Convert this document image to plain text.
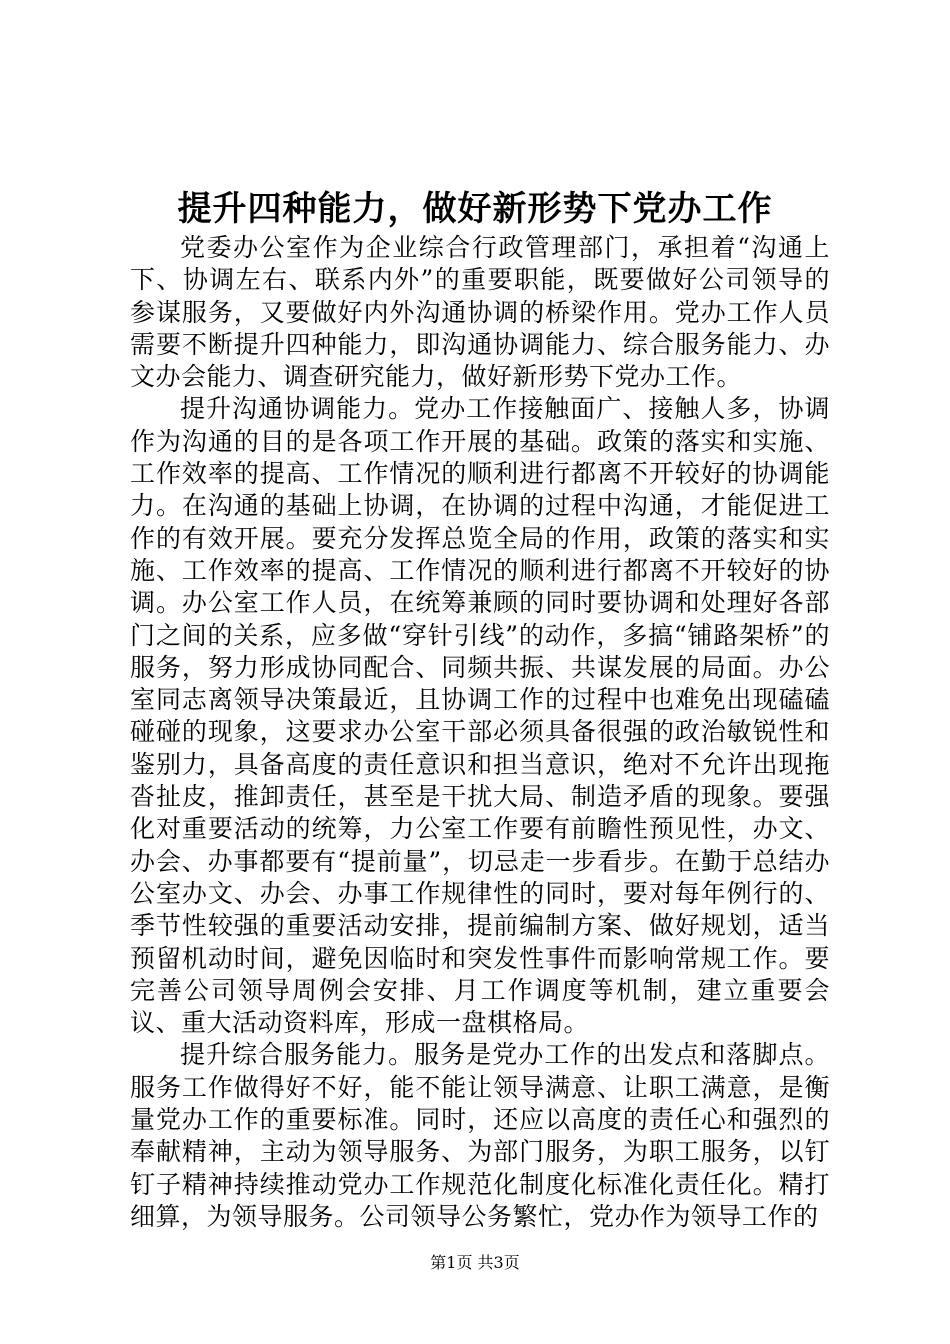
提升四种能力，做好新形势下党办工作

党委办公室作为企业综合行政管理部门，承担着“沟通上下、协调左右、联系内外”的重要职能，既要做好公司领导的参谋服务，又要做好内外沟通协调的桥梁作用。党办工作人员需要不断提升四种能力，即沟通协调能力、综合服务能力、办文办会能力、调查研究能力，做好新形势下党办工作。

提升沟通协调能力。党办工作接触面广、接触人多，协调作为沟通的目的是各项工作开展的基础。政策的落实和实施、工作效率的提高、工作情况的顺利进行都离不开较好的协调能力。在沟通的基础上协调，在协调的过程中沟通，才能促进工作的有效开展。要充分发挥总览全局的作用，政策的落实和实施、工作效率的提高、工作情况的顺利进行都离不开较好的协调。办公室工作人员，在统筹兼顾的同时要协调和处理好各部门之间的关系，应多做“穿针引线”的动作，多搞“铺路架桥”的服务，努力形成协同配合、同频共振、共谋发展的局面。办公室同志离领导决策最近，且协调工作的过程中也难免出现磕磕碰碰的现象，这要求办公室干部必须具备很强的政治敏锐性和鉴别力，具备高度的责任意识和担当意识，绝对不允许出现拖沓扯皮，推卸责任，甚至是干扰大局、制造矛盾的现象。要强化对重要活动的统筹，力公室工作要有前瞻性预见性，办文、办会、办事都要有“提前量”，切忌走一步看步。在勤于总结办公室办文、办会、办事工作规律性的同时，要对每年例行的、季节性较强的重要活动安排，提前编制方案、做好规划，适当预留机动时间，避免因临时和突发性事件而影响常规工作。要完善公司领导周例会安排、月工作调度等机制，建立重要会议、重大活动资料库，形成一盘棋格局。

提升综合服务能力。服务是党办工作的出发点和落脚点。服务工作做得好不好，能不能让领导满意、让职工满意，是衡量党办工作的重要标准。同时，还应以高度的责任心和强烈的奉献精神，主动为领导服务、为部门服务，为职工服务，以钉钉子精神持续推动党办工作规范化制度化标准化责任化。精打细算，为领导服务。公司领导公务繁忙，党办作为领导工作的

第1页 共3页
